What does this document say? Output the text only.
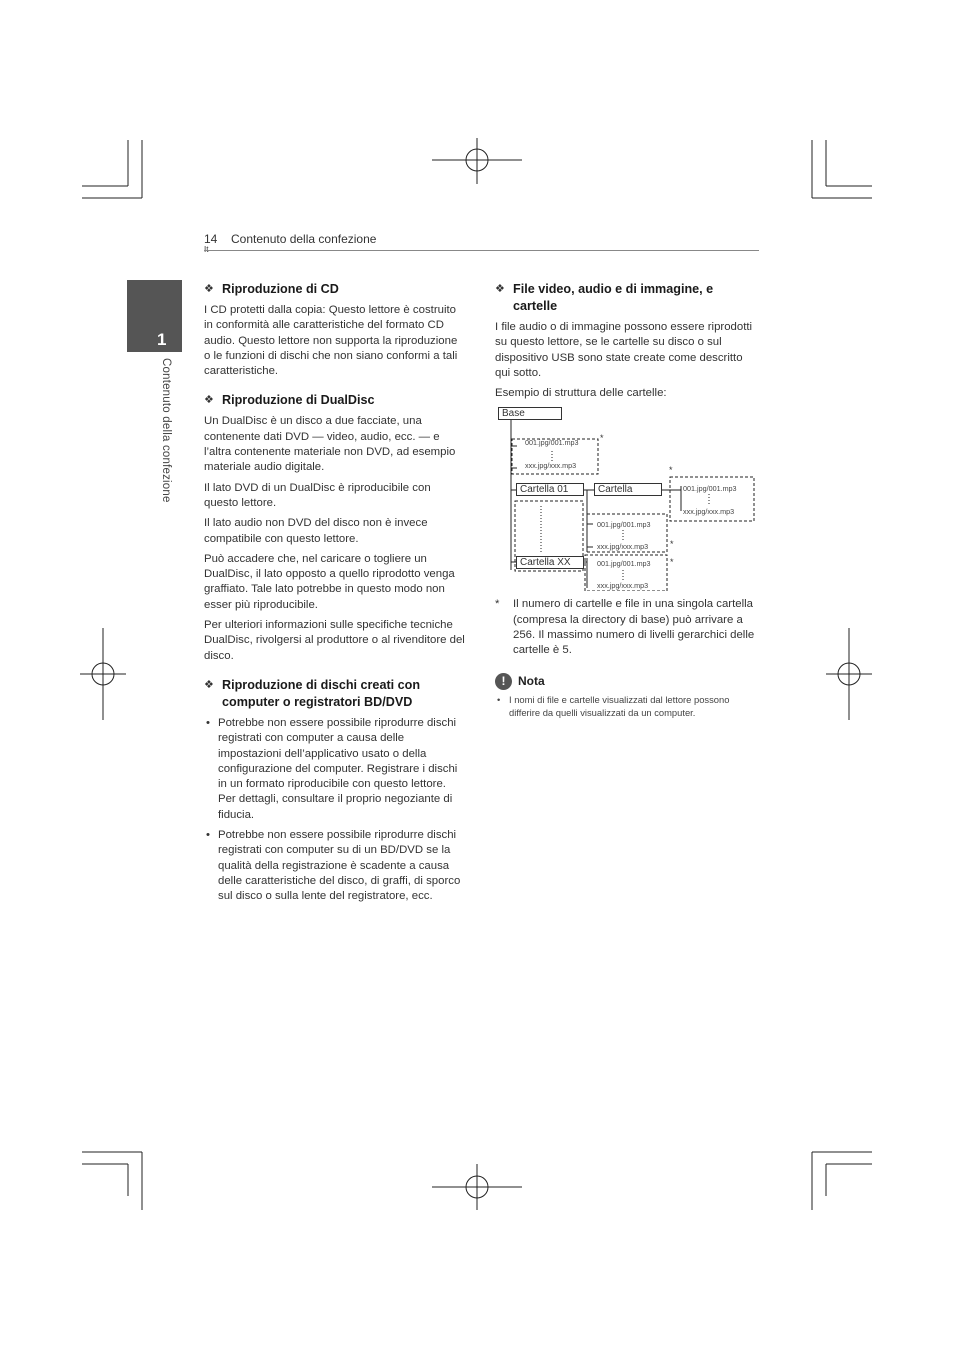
14 Contenuto della confezione
1
Contenuto della confezione
❖ Riproduzione di CD

I CD protetti dalla copia: Questo lettore è costruito in conformità alle caratteristiche del formato CD audio. Questo lettore non supporta la riproduzione o le funzioni di dischi che non siano conformi a tali caratteristiche.

❖ Riproduzione di DualDisc

Un DualDisc è un disco a due facciate, una contenente dati DVD — video, audio, ecc. — e l’altra contenente materiale non DVD, ad esempio materiale audio digitale.

Il lato DVD di un DualDisc è riproducibile con questo lettore.

Il lato audio non DVD del disco non è invece compatibile con questo lettore.

Può accadere che, nel caricare o togliere un DualDisc, il lato opposto a quello riprodotto venga graffiato. Tale lato potrebbe in questo modo non esser più riproducibile.

Per ulteriori informazioni sulle specifiche tecniche DualDisc, rivolgersi al produttore o al rivenditore del disco.

❖ Riproduzione di dischi creati con computer o registratori BD/DVD
• Potrebbe non essere possibile riprodurre dischi registrati con computer a causa delle impostazioni dell’applicativo usato o della configurazione del computer. Registrare i dischi in un formato riproducibile con questo lettore. Per dettagli, consultare il proprio negoziante di fiducia.
• Potrebbe non essere possibile riprodurre dischi registrati con computer su di un BD/DVD se la qualità della registrazione è scadente a causa delle caratteristiche del disco, di graffi, di sporco sul disco o sulla lente del registratore, ecc.
❖ File video, audio e di immagine, e cartelle

I file audio o di immagine possono essere riprodotti su questo lettore, se le cartelle su disco o sul dispositivo USB sono state create come descritto qui sotto.

Esempio di struttura delle cartelle:

Base
001.jpg/001.mp3
xxx.jpg/xxx.mp3
*
*
Cartella 01	Cartella	001.jpg/001.mp3
xxx.jpg/xxx.mp3
001.jpg/001.mp3
xxx.jpg/xxx.mp3 *
Cartella XX	001.jpg/001.mp3
xxx.jpg/xxx.mp3
*
* Il numero di cartelle e file in una singola cartella (compresa la directory di base) può arrivare a 256. Il massimo numero di livelli gerarchici delle cartelle è 5.
!	Nota
• I nomi di file e cartelle visualizzati dal lettore possono differire da quelli visualizzati da un computer.
